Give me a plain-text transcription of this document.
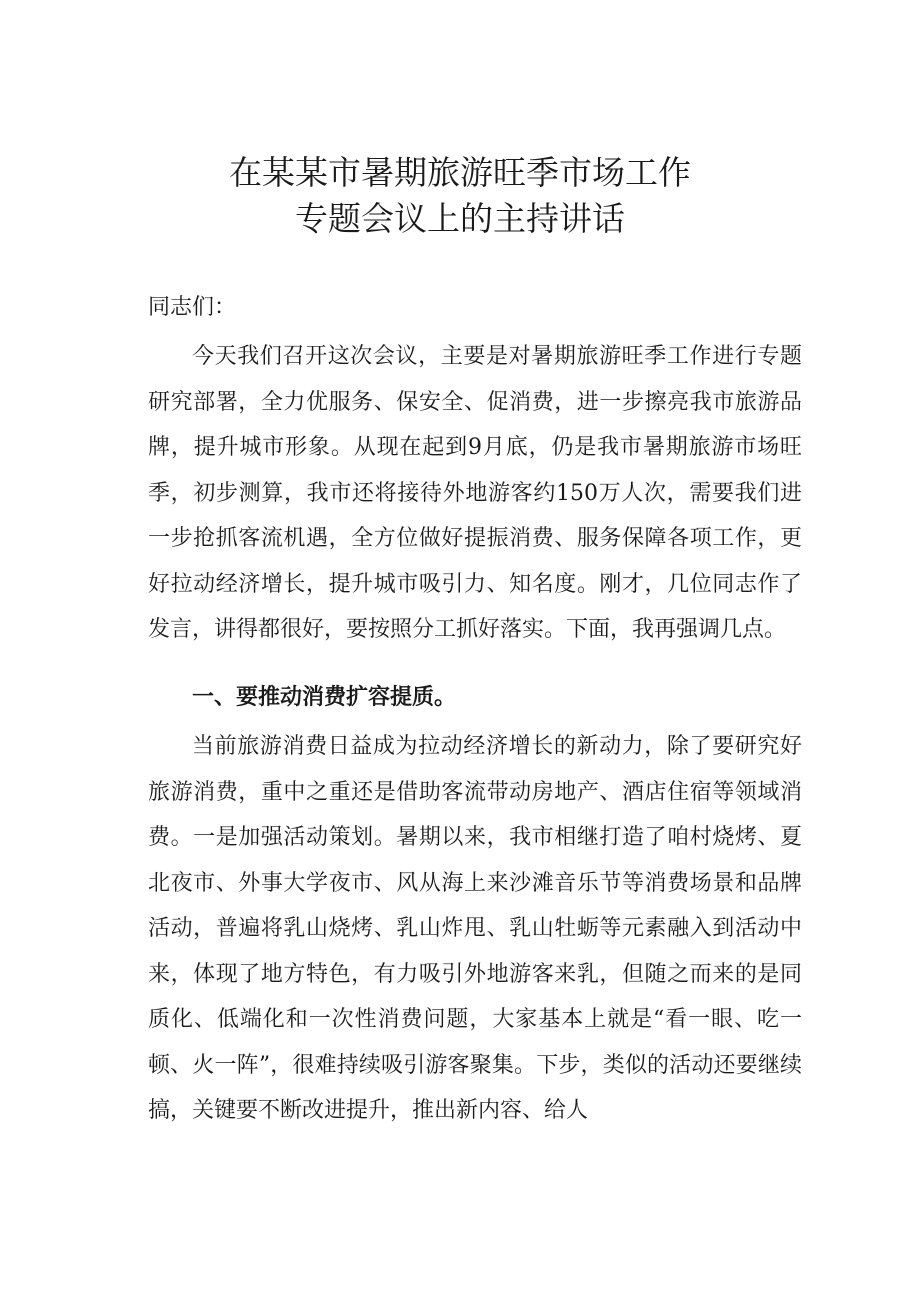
在某某市暑期旅游旺季市场工作
专题会议上的主持讲话

同志们：

今天我们召开这次会议，主要是对暑期旅游旺季工作进行专题研究部署，全力优服务、保安全、促消费，进一步擦亮我市旅游品牌，提升城市形象。从现在起到9月底，仍是我市暑期旅游市场旺季，初步测算，我市还将接待外地游客约150万人次，需要我们进一步抢抓客流机遇，全方位做好提振消费、服务保障各项工作，更好拉动经济增长，提升城市吸引力、知名度。刚才，几位同志作了发言，讲得都很好，要按照分工抓好落实。下面，我再强调几点。

一、要推动消费扩容提质。

当前旅游消费日益成为拉动经济增长的新动力，除了要研究好旅游消费，重中之重还是借助客流带动房地产、酒店住宿等领域消费。一是加强活动策划。暑期以来，我市相继打造了咱村烧烤、夏北夜市、外事大学夜市、风从海上来沙滩音乐节等消费场景和品牌活动，普遍将乳山烧烤、乳山炸甩、乳山牡蛎等元素融入到活动中来，体现了地方特色，有力吸引外地游客来乳，但随之而来的是同质化、低端化和一次性消费问题，大家基本上就是“看一眼、吃一顿、火一阵”，很难持续吸引游客聚集。下步，类似的活动还要继续搞，关键要不断改进提升，推出新内容、给人
